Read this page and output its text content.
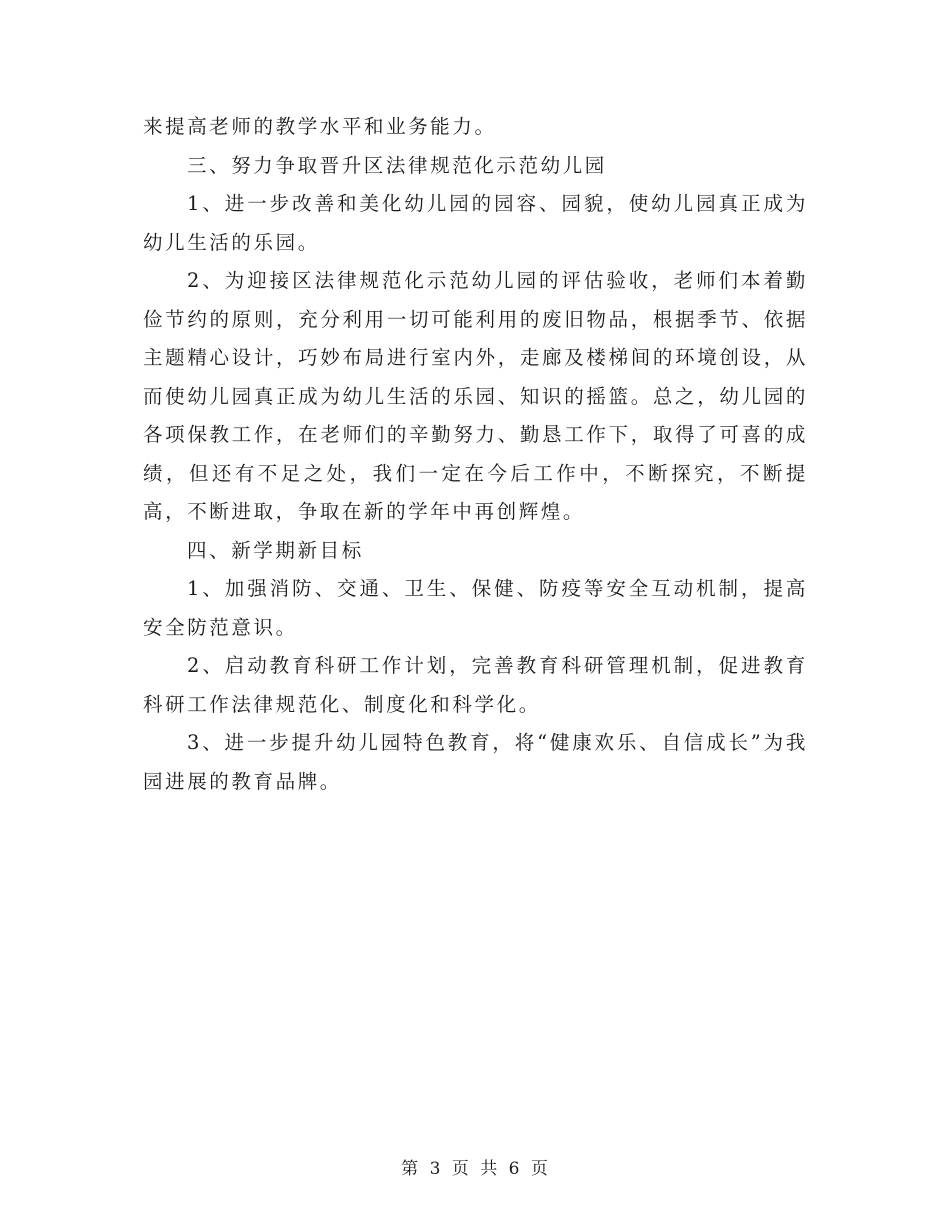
来提高老师的教学水平和业务能力。

三、努力争取晋升区法律规范化示范幼儿园

1、进一步改善和美化幼儿园的园容、园貌，使幼儿园真正成为幼儿生活的乐园。

2、为迎接区法律规范化示范幼儿园的评估验收，老师们本着勤俭节约的原则，充分利用一切可能利用的废旧物品，根据季节、依据主题精心设计，巧妙布局进行室内外，走廊及楼梯间的环境创设，从而使幼儿园真正成为幼儿生活的乐园、知识的摇篮。总之，幼儿园的各项保教工作，在老师们的辛勤努力、勤恳工作下，取得了可喜的成绩，但还有不足之处，我们一定在今后工作中，不断探究，不断提高，不断进取，争取在新的学年中再创辉煌。

四、新学期新目标

1、加强消防、交通、卫生、保健、防疫等安全互动机制，提高安全防范意识。

2、启动教育科研工作计划，完善教育科研管理机制，促进教育科研工作法律规范化、制度化和科学化。

3、进一步提升幼儿园特色教育，将“健康欢乐、自信成长”为我园进展的教育品牌。

第 3 页 共 6 页
